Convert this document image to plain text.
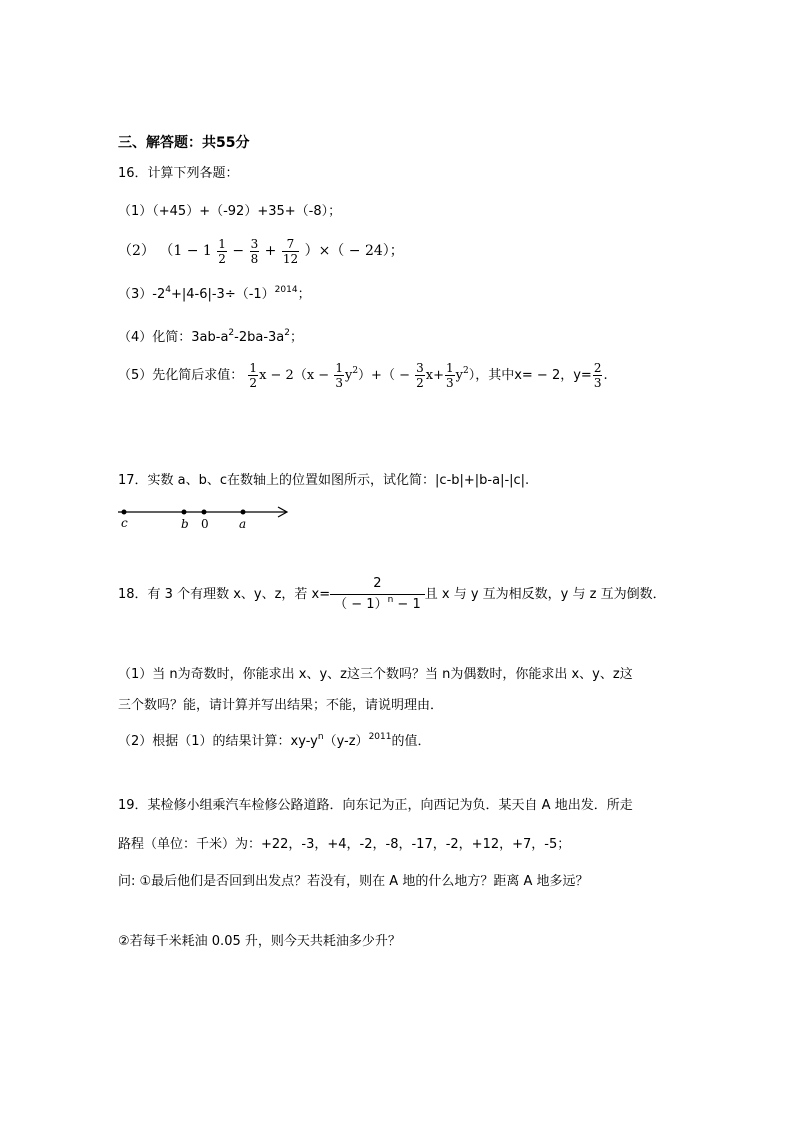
三、解答题：共55分
16．计算下列各题：
（1）（+45）+（-92）+35+（-8）；
（2） （$1 - 1 \frac{1}{2} - \frac{3}{8} + \frac{7}{12}$ ）×（ − 24）；
$(3)-2^4+|4-6|-3\div(-1)^{2014}$；
（4）化简：$3ab-a^2-2ba-3a^2$；
（5）先化简后求值： $\frac{1}{2}$ $x - 2(x - \frac{1}{3} y^2)+( - \frac{3}{2} x+ \frac{1}{3} y^2)$，其中x= − 2，$y= \frac{2}{3}$ .
17．实数 a、b、c在数轴上的位置如图所示，试化简：|c-b|+|b-a|-|c|.
c	b 0	a
18．有 3 个有理数 x、y、z，若 $x= \frac{2}{( - 1)^n - 1}$ 且 x 与 y 互为相反数，y 与 z 互为倒数．
（1）当 n为奇数时，你能求出 x、y、z这三个数吗？当 n为偶数时，你能求出 x、y、z这
三个数吗？能，请计算并写出结果；不能，请说明理由．
（2）根据（1）的结果计算：$xy-y^n(y-z)^{2011}$的值．
19．某检修小组乘汽车检修公路道路．向东记为正，向西记为负．某天自 A 地出发．所走
路程（单位：千米）为：+22，-3，+4，-2，-8，-17，-2，+12，+7，-5；
问: ①最后他们是否回到出发点？若没有，则在 A 地的什么地方？距离 A 地多远？
②若每千米耗油 0.05 升，则今天共耗油多少升？
